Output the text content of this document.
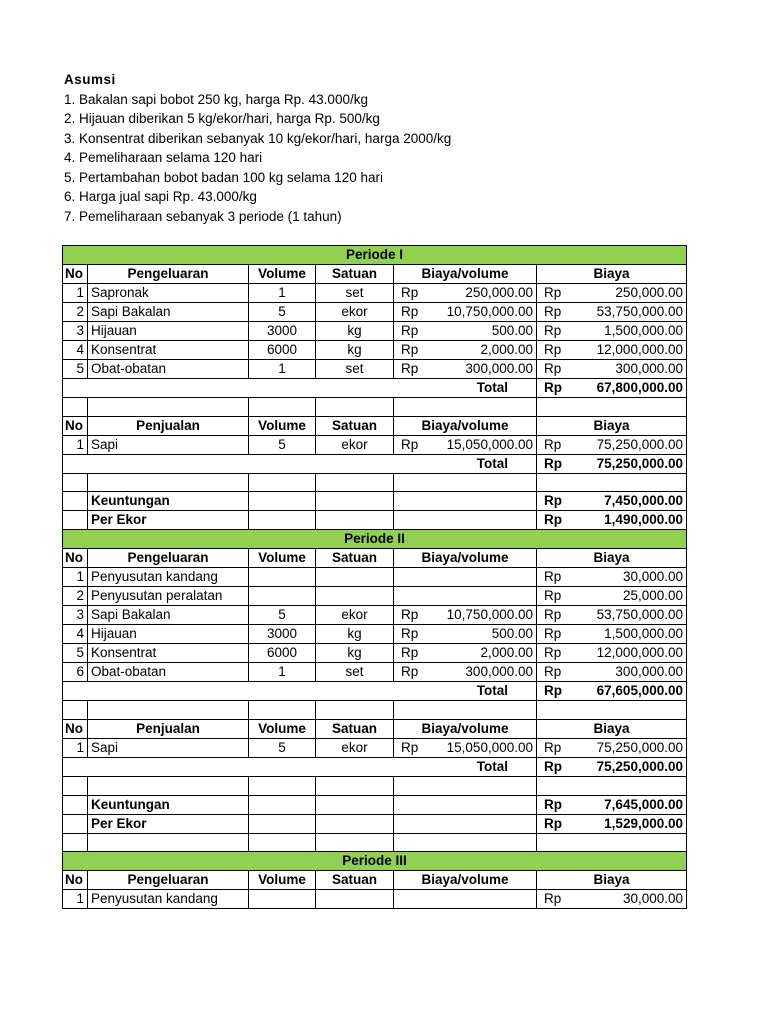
Asumsi
1. Bakalan sapi bobot 250 kg, harga Rp. 43.000/kg
2. Hijauan diberikan 5 kg/ekor/hari, harga Rp. 500/kg
3. Konsentrat diberikan sebanyak 10 kg/ekor/hari, harga 2000/kg
4. Pemeliharaan selama 120 hari
5. Pertambahan bobot badan 100 kg selama 120 hari
6. Harga jual sapi Rp. 43.000/kg
7. Pemeliharaan sebanyak 3 periode (1 tahun)
Periode I							
No	Pengeluaran	Volume	Satuan	Biaya/volume		Biaya	
1	Sapronak	1	set	Rp	250,000.00	Rp	250,000.00
2	Sapi Bakalan	5	ekor	Rp	10,750,000.00	Rp	53,750,000.00
3	Hijauan	3000	kg	Rp	500.00	Rp	1,500,000.00
4	Konsentrat	6000	kg	Rp	2,000.00	Rp	12,000,000.00
5	Obat-obatan	1	set	Rp	300,000.00	Rp	300,000.00
Total						Rp	67,800,000.00

No	Penjualan	Volume	Satuan	Biaya/volume		Biaya	
1	Sapi	5	ekor	Rp	15,050,000.00	Rp	75,250,000.00
Total						Rp	75,250,000.00

	Keuntungan					Rp	7,450,000.00
	Per Ekor					Rp	1,490,000.00
Periode II							
No	Pengeluaran	Volume	Satuan	Biaya/volume		Biaya	
1	Penyusutan kandang					Rp	30,000.00
2	Penyusutan peralatan					Rp	25,000.00
3	Sapi Bakalan	5	ekor	Rp	10,750,000.00	Rp	53,750,000.00
4	Hijauan	3000	kg	Rp	500.00	Rp	1,500,000.00
5	Konsentrat	6000	kg	Rp	2,000.00	Rp	12,000,000.00
6	Obat-obatan	1	set	Rp	300,000.00	Rp	300,000.00
Total						Rp	67,605,000.00

No	Penjualan	Volume	Satuan	Biaya/volume		Biaya	
1	Sapi	5	ekor	Rp	15,050,000.00	Rp	75,250,000.00
Total						Rp	75,250,000.00

	Keuntungan					Rp	7,645,000.00
	Per Ekor					Rp	1,529,000.00

Periode III							
No	Pengeluaran	Volume	Satuan	Biaya/volume		Biaya	
1	Penyusutan kandang					Rp	30,000.00
